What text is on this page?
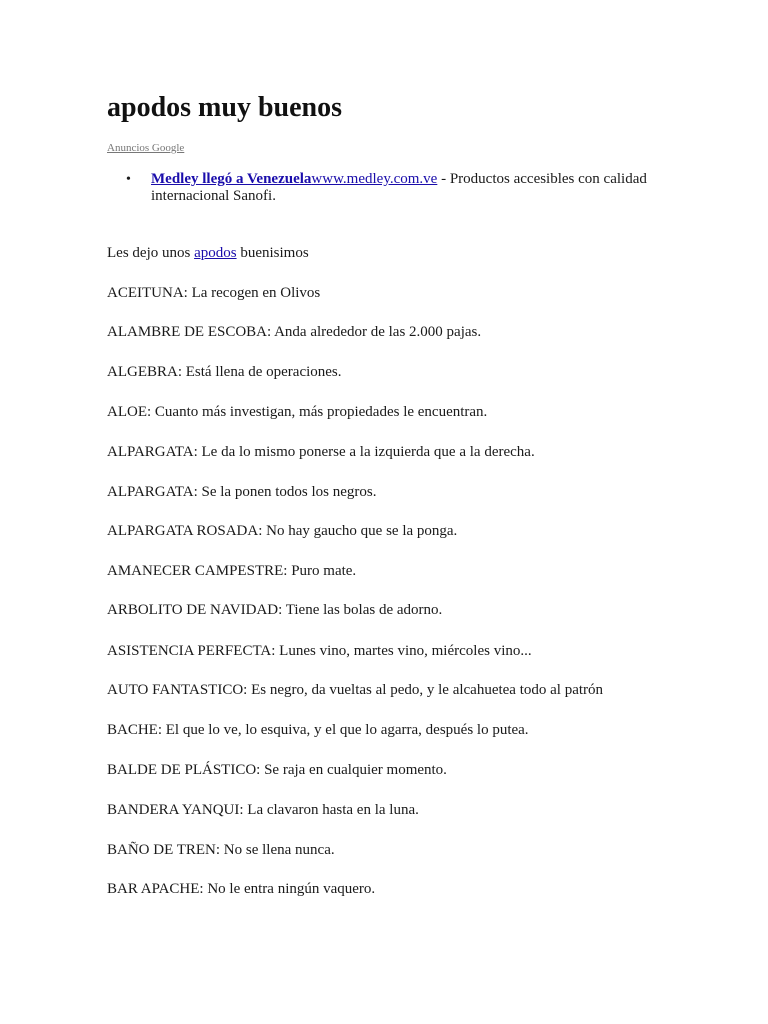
apodos muy buenos
Anuncios Google
• Medley llegó a Venezuelawww.medley.com.ve - Productos accesibles con calidad internacional Sanofi.
Les dejo unos apodos buenisimos
ACEITUNA: La recogen en Olivos
ALAMBRE DE ESCOBA: Anda alrededor de las 2.000 pajas.
ALGEBRA: Está llena de operaciones.
ALOE: Cuanto más investigan, más propiedades le encuentran.
ALPARGATA: Le da lo mismo ponerse a la izquierda que a la derecha.
ALPARGATA: Se la ponen todos los negros.
ALPARGATA ROSADA: No hay gaucho que se la ponga.
AMANECER CAMPESTRE: Puro mate.
ARBOLITO DE NAVIDAD: Tiene las bolas de adorno.
ASISTENCIA PERFECTA: Lunes vino, martes vino, miércoles vino...
AUTO FANTASTICO: Es negro, da vueltas al pedo, y le alcahuetea todo al patrón
BACHE: El que lo ve, lo esquiva, y el que lo agarra, después lo putea.
BALDE DE PLÁSTICO: Se raja en cualquier momento.
BANDERA YANQUI: La clavaron hasta en la luna.
BAÑO DE TREN: No se llena nunca.
BAR APACHE: No le entra ningún vaquero.
